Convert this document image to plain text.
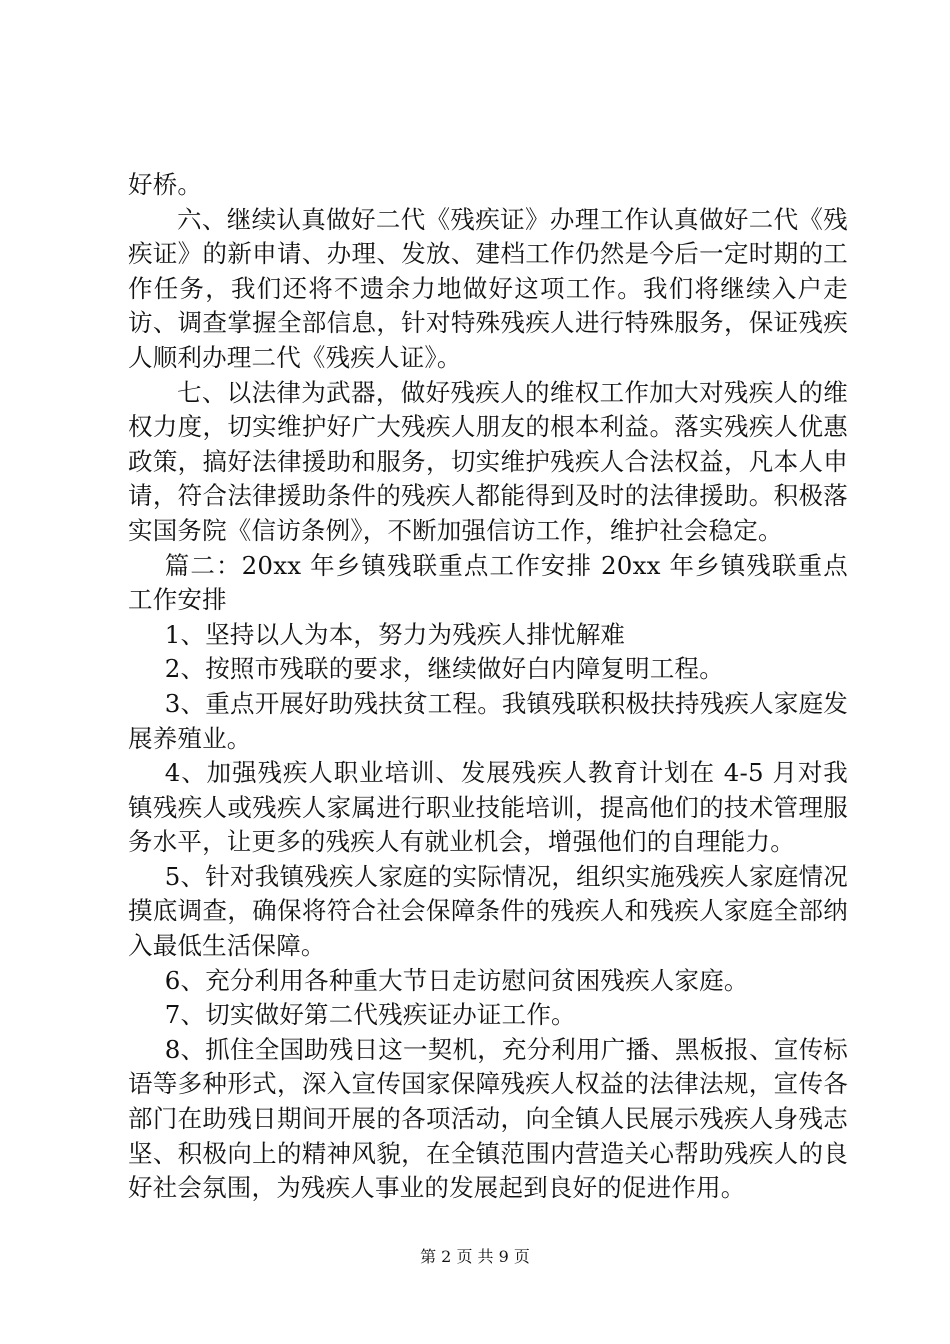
好桥。

六、继续认真做好二代《残疾证》办理工作认真做好二代《残疾证》的新申请、办理、发放、建档工作仍然是今后一定时期的工作任务，我们还将不遗余力地做好这项工作。我们将继续入户走访、调查掌握全部信息，针对特殊残疾人进行特殊服务，保证残疾人顺利办理二代《残疾人证》。

七、以法律为武器，做好残疾人的维权工作加大对残疾人的维权力度，切实维护好广大残疾人朋友的根本利益。落实残疾人优惠政策，搞好法律援助和服务，切实维护残疾人合法权益，凡本人申请，符合法律援助条件的残疾人都能得到及时的法律援助。积极落实国务院《信访条例》，不断加强信访工作，维护社会稳定。

篇二：20xx 年乡镇残联重点工作安排 20xx 年乡镇残联重点工作安排

1、坚持以人为本，努力为残疾人排忧解难

2、按照市残联的要求，继续做好白内障复明工程。

3、重点开展好助残扶贫工程。我镇残联积极扶持残疾人家庭发展养殖业。

4、加强残疾人职业培训、发展残疾人教育计划在 4-5 月对我镇残疾人或残疾人家属进行职业技能培训，提高他们的技术管理服务水平，让更多的残疾人有就业机会，增强他们的自理能力。

5、针对我镇残疾人家庭的实际情况，组织实施残疾人家庭情况摸底调查，确保将符合社会保障条件的残疾人和残疾人家庭全部纳入最低生活保障。

6、充分利用各种重大节日走访慰问贫困残疾人家庭。

7、切实做好第二代残疾证办证工作。

8、抓住全国助残日这一契机，充分利用广播、黑板报、宣传标语等多种形式，深入宣传国家保障残疾人权益的法律法规，宣传各部门在助残日期间开展的各项活动，向全镇人民展示残疾人身残志坚、积极向上的精神风貌，在全镇范围内营造关心帮助残疾人的良好社会氛围，为残疾人事业的发展起到良好的促进作用。

第 2 页 共 9 页
